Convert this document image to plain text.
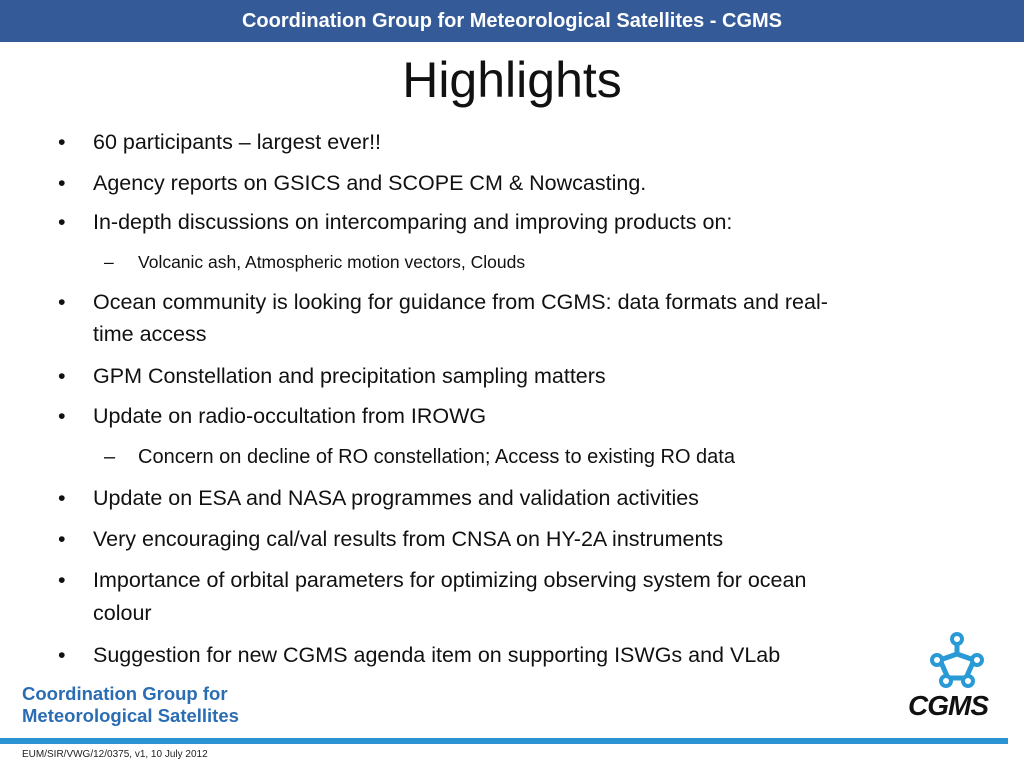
Coordination Group for Meteorological Satellites - CGMS
Highlights
•	60 participants – largest ever!!
•	Agency reports on GSICS and SCOPE CM & Nowcasting.
•	In-depth discussions on intercomparing and improving products on:
– Volcanic ash, Atmospheric motion vectors, Clouds
•	Ocean community is looking for guidance from CGMS: data formats and real-
time access
•	GPM Constellation and precipitation sampling matters
•	Update on radio-occultation from IROWG
– Concern on decline of RO constellation; Access to existing RO data
•	Update on ESA and NASA programmes and validation activities
•	Very encouraging cal/val results from CNSA on HY-2A instruments
•	Importance of orbital parameters for optimizing observing system for ocean
colour
•	Suggestion for new CGMS agenda item on supporting ISWGs and VLab
Coordination Group for
Meteorological Satellites	CGMS
EUM/SIR/VWG/12/0375, v1, 10 July 2012
